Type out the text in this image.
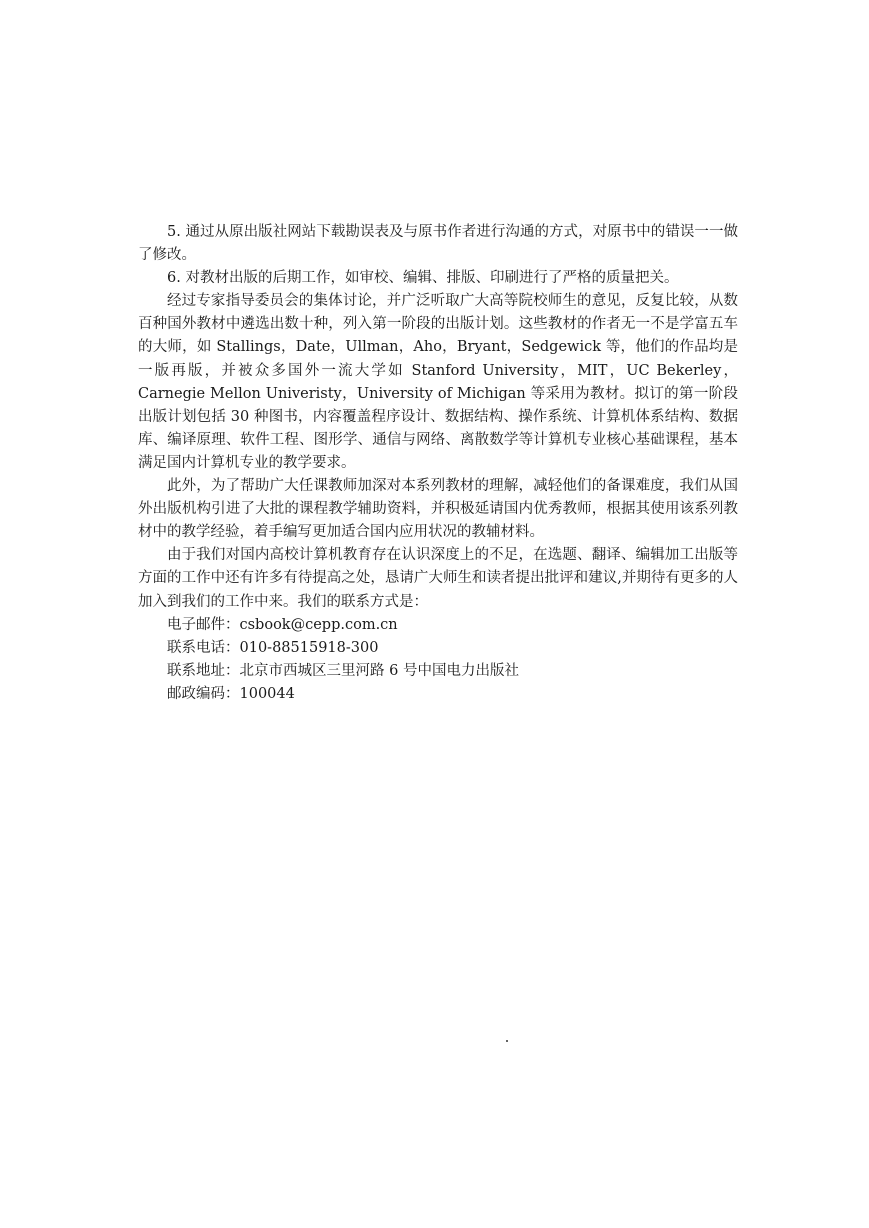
5. 通过从原出版社网站下载勘误表及与原书作者进行沟通的方式，对原书中的错误一一做了修改。

6. 对教材出版的后期工作，如审校、编辑、排版、印刷进行了严格的质量把关。

经过专家指导委员会的集体讨论，并广泛听取广大高等院校师生的意见，反复比较，从数百种国外教材中遴选出数十种，列入第一阶段的出版计划。这些教材的作者无一不是学富五车的大师，如 Stallings，Date，Ullman，Aho，Bryant，Sedgewick 等，他们的作品均是一版再版，并被众多国外一流大学如 Stanford University，MIT，UC Bekerley，Carnegie Mellon Univeristy，University of Michigan 等采用为教材。拟订的第一阶段出版计划包括 30 种图书，内容覆盖程序设计、数据结构、操作系统、计算机体系结构、数据库、编译原理、软件工程、图形学、通信与网络、离散数学等计算机专业核心基础课程，基本满足国内计算机专业的教学要求。

此外，为了帮助广大任课教师加深对本系列教材的理解，减轻他们的备课难度，我们从国外出版机构引进了大批的课程教学辅助资料，并积极延请国内优秀教师，根据其使用该系列教材中的教学经验，着手编写更加适合国内应用状况的教辅材料。

由于我们对国内高校计算机教育存在认识深度上的不足，在选题、翻译、编辑加工出版等方面的工作中还有许多有待提高之处，恳请广大师生和读者提出批评和建议,并期待有更多的人加入到我们的工作中来。我们的联系方式是：

电子邮件：csbook@cepp.com.cn
联系电话：010-88515918-300
联系地址：北京市西城区三里河路 6 号中国电力出版社
邮政编码：100044
